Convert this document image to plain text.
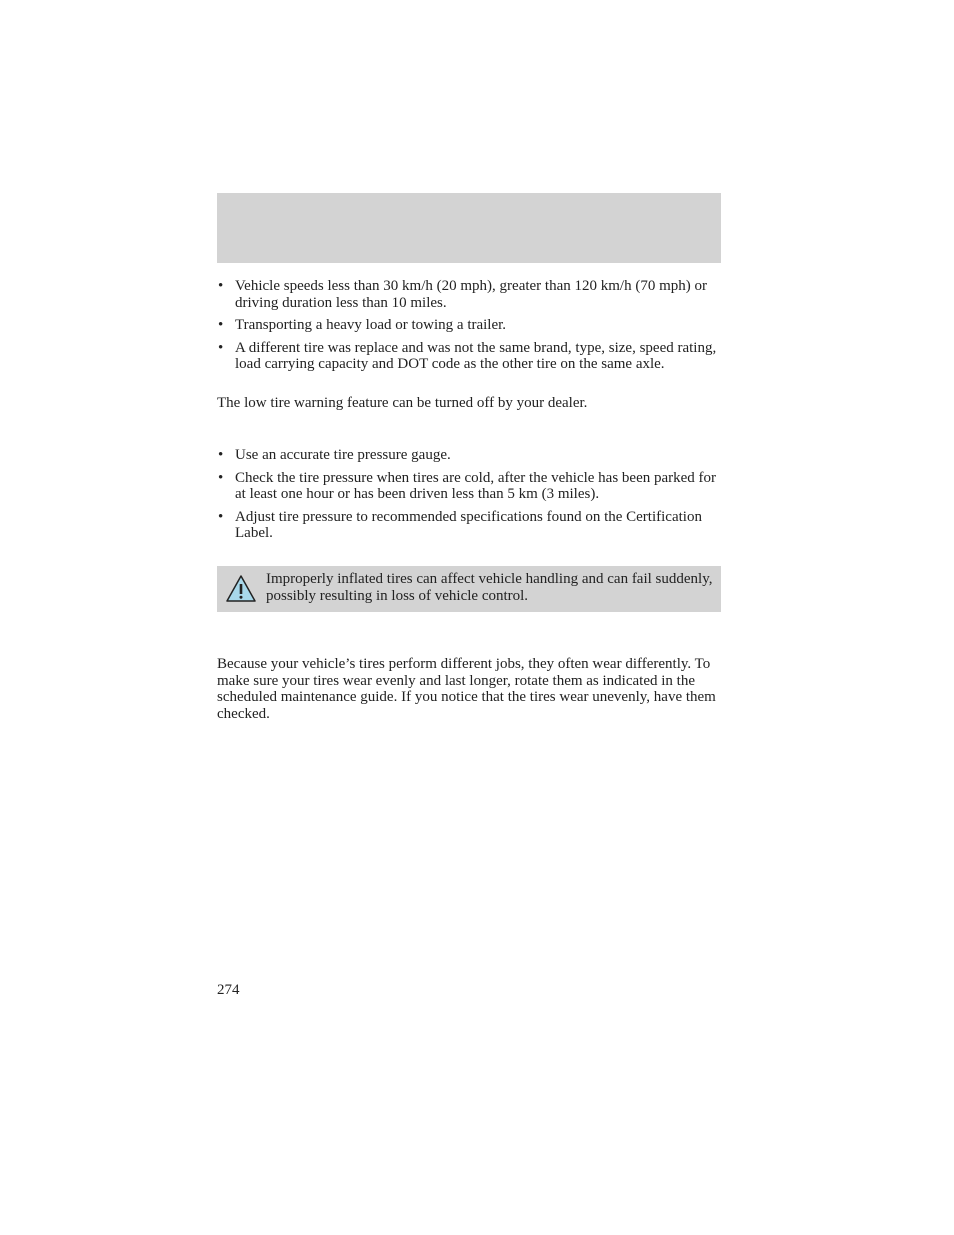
• Vehicle speeds less than 30 km/h (20 mph), greater than 120 km/h (70 mph) or driving duration less than 10 miles.
• Transporting a heavy load or towing a trailer.
• A different tire was replace and was not the same brand, type, size, speed rating, load carrying capacity and DOT code as the other tire on the same axle.

The low tire warning feature can be turned off by your dealer.

• Use an accurate tire pressure gauge.
• Check the tire pressure when tires are cold, after the vehicle has been parked for at least one hour or has been driven less than 5 km (3 miles).
• Adjust tire pressure to recommended specifications found on the Certification Label.

Improperly inflated tires can affect vehicle handling and can fail suddenly, possibly resulting in loss of vehicle control.

Because your vehicle’s tires perform different jobs, they often wear differently. To make sure your tires wear evenly and last longer, rotate them as indicated in the scheduled maintenance guide. If you notice that the tires wear unevenly, have them checked.

274
